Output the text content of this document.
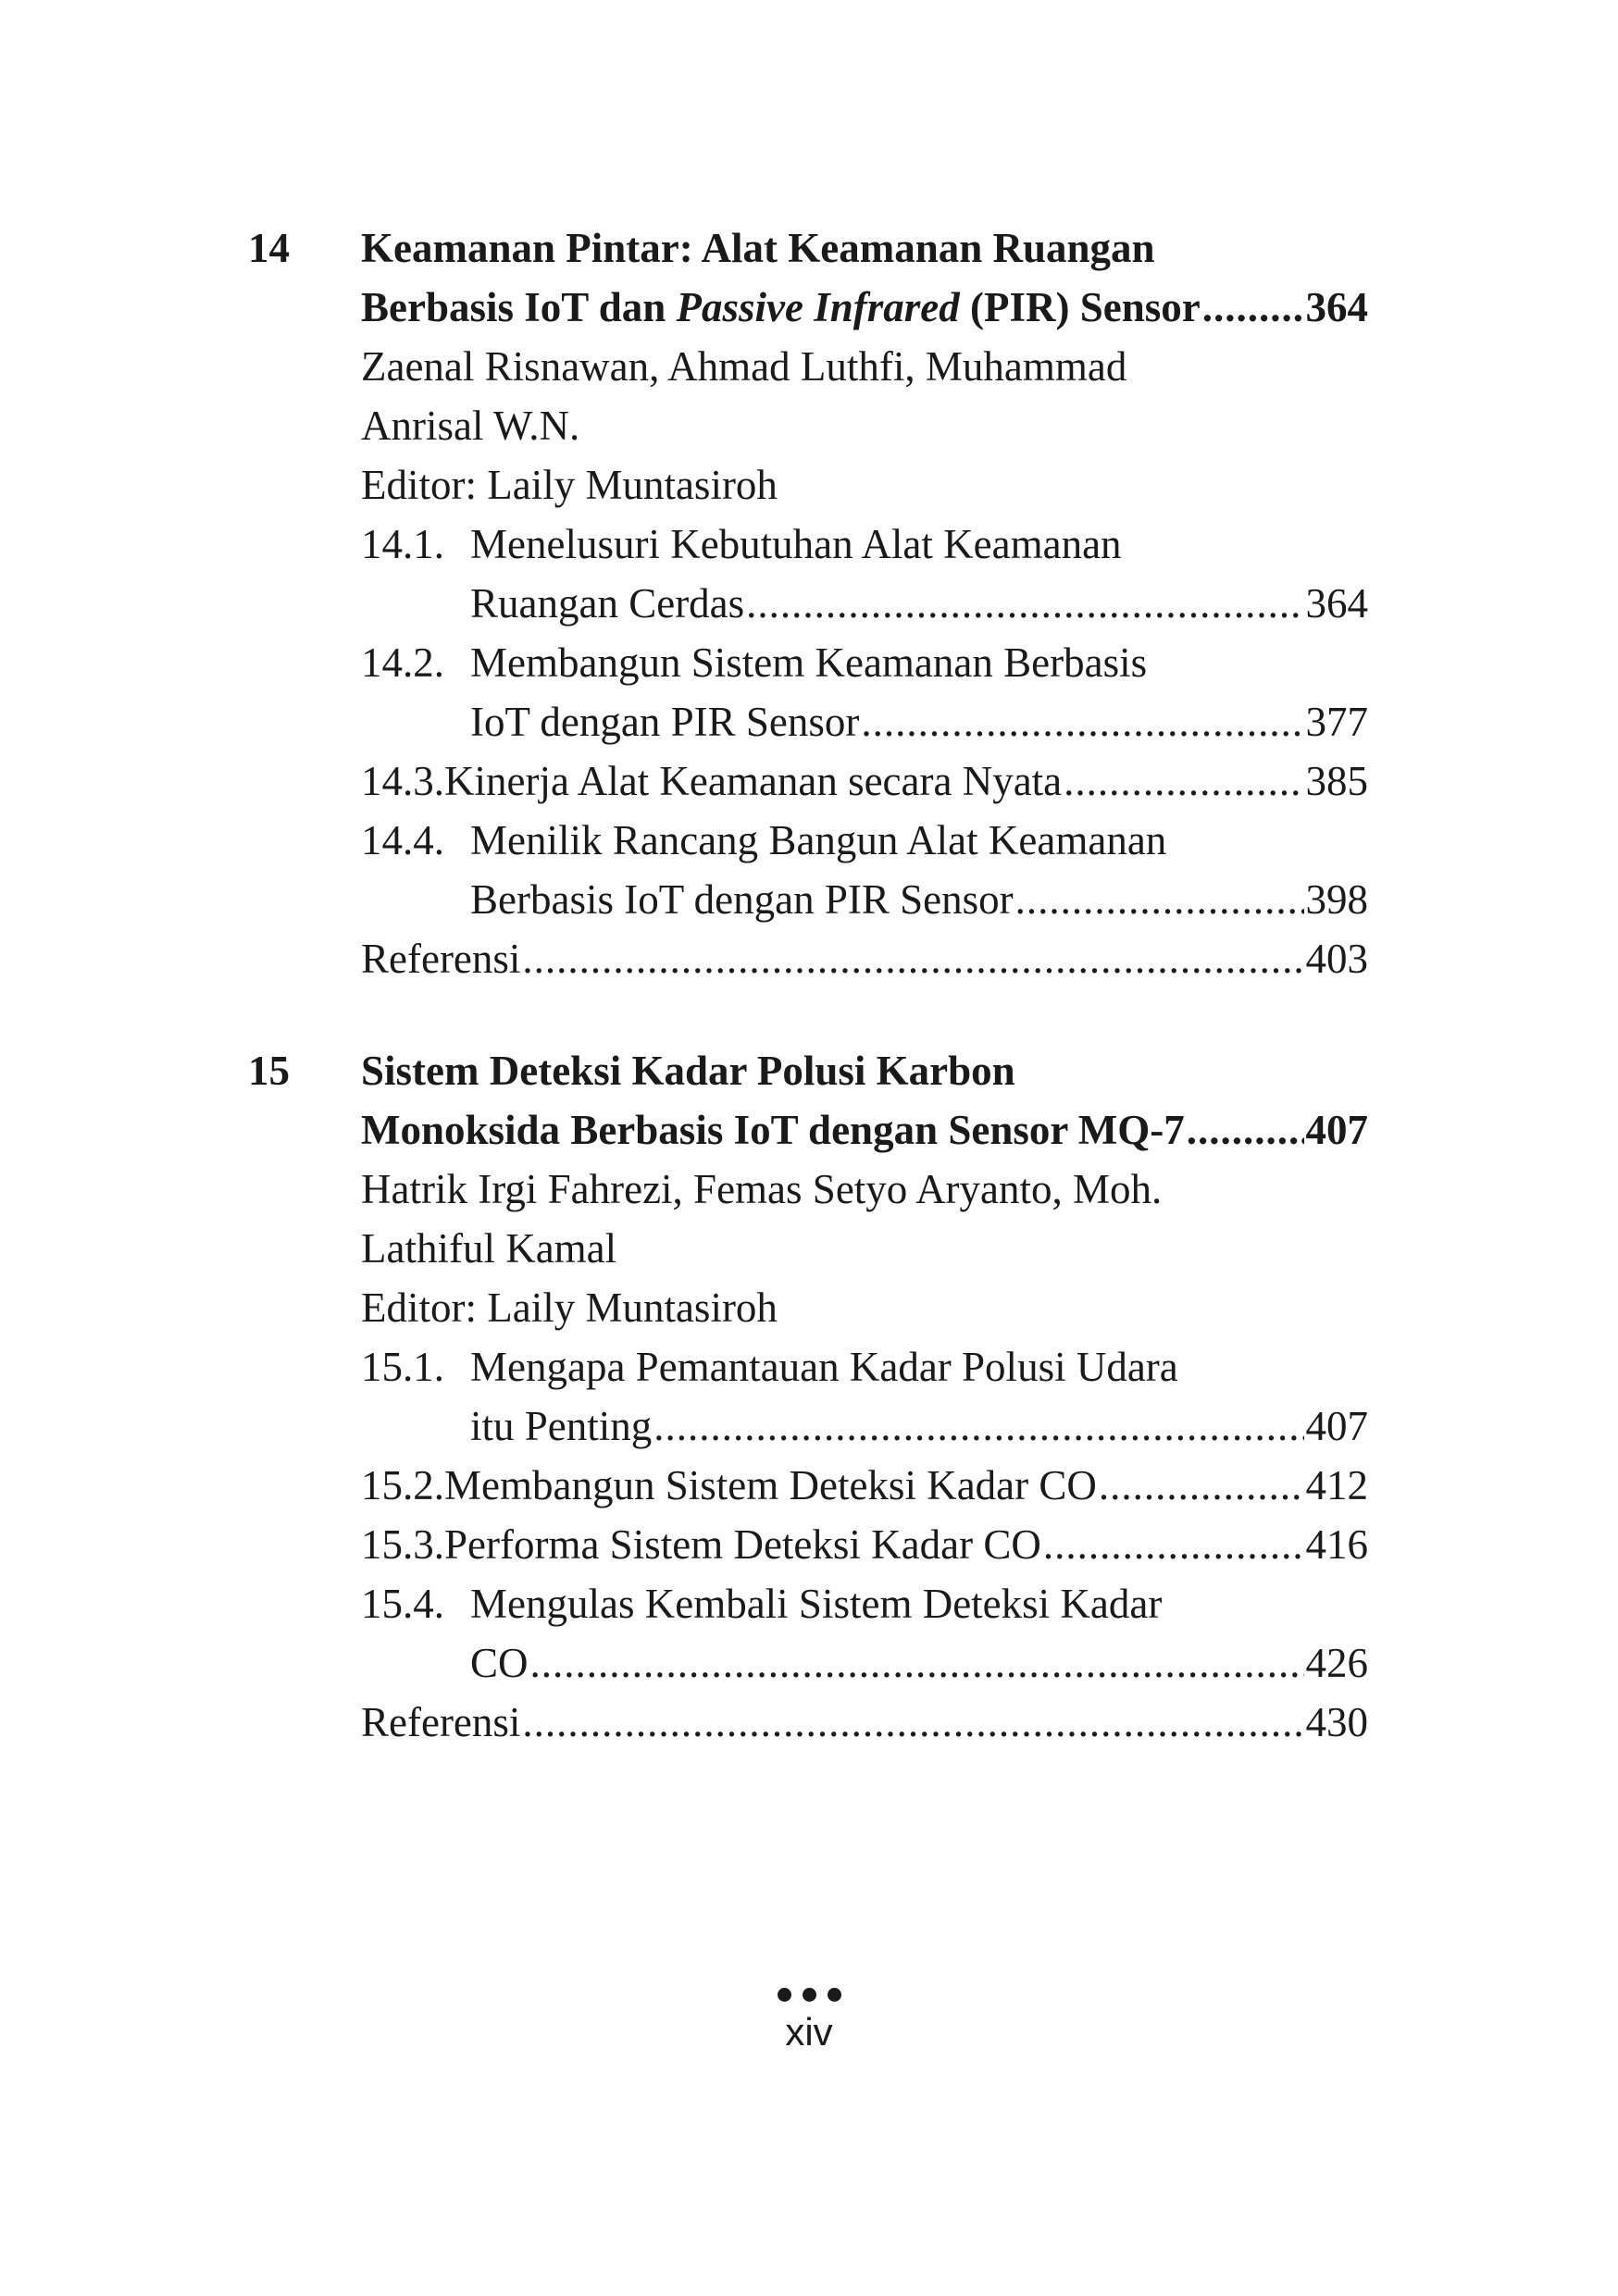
14 Keamanan Pintar: Alat Keamanan Ruangan
Berbasis IoT dan Passive Infrared (PIR) Sensor .....	364
Zaenal Risnawan, Ahmad Luthfi, Muhammad
Anrisal W.N.
Editor: Laily Muntasiroh
14.1. Menelusuri Kebutuhan Alat Keamanan
Ruangan Cerdas .....	364
14.2. Membangun Sistem Keamanan Berbasis
IoT dengan PIR Sensor .....	377
14.3. Kinerja Alat Keamanan secara Nyata .....	385
14.4. Menilik Rancang Bangun Alat Keamanan
Berbasis IoT dengan PIR Sensor .....	398
Referensi .....	403
15 Sistem Deteksi Kadar Polusi Karbon
Monoksida Berbasis IoT dengan Sensor MQ-7 .....	407
Hatrik Irgi Fahrezi, Femas Setyo Aryanto, Moh.
Lathiful Kamal
Editor: Laily Muntasiroh
15.1. Mengapa Pemantauan Kadar Polusi Udara
itu Penting .....	407
15.2. Membangun Sistem Deteksi Kadar CO .....	412
15.3. Performa Sistem Deteksi Kadar CO .....	416
15.4. Mengulas Kembali Sistem Deteksi Kadar
CO .....	426
Referensi .....	430
xiv
